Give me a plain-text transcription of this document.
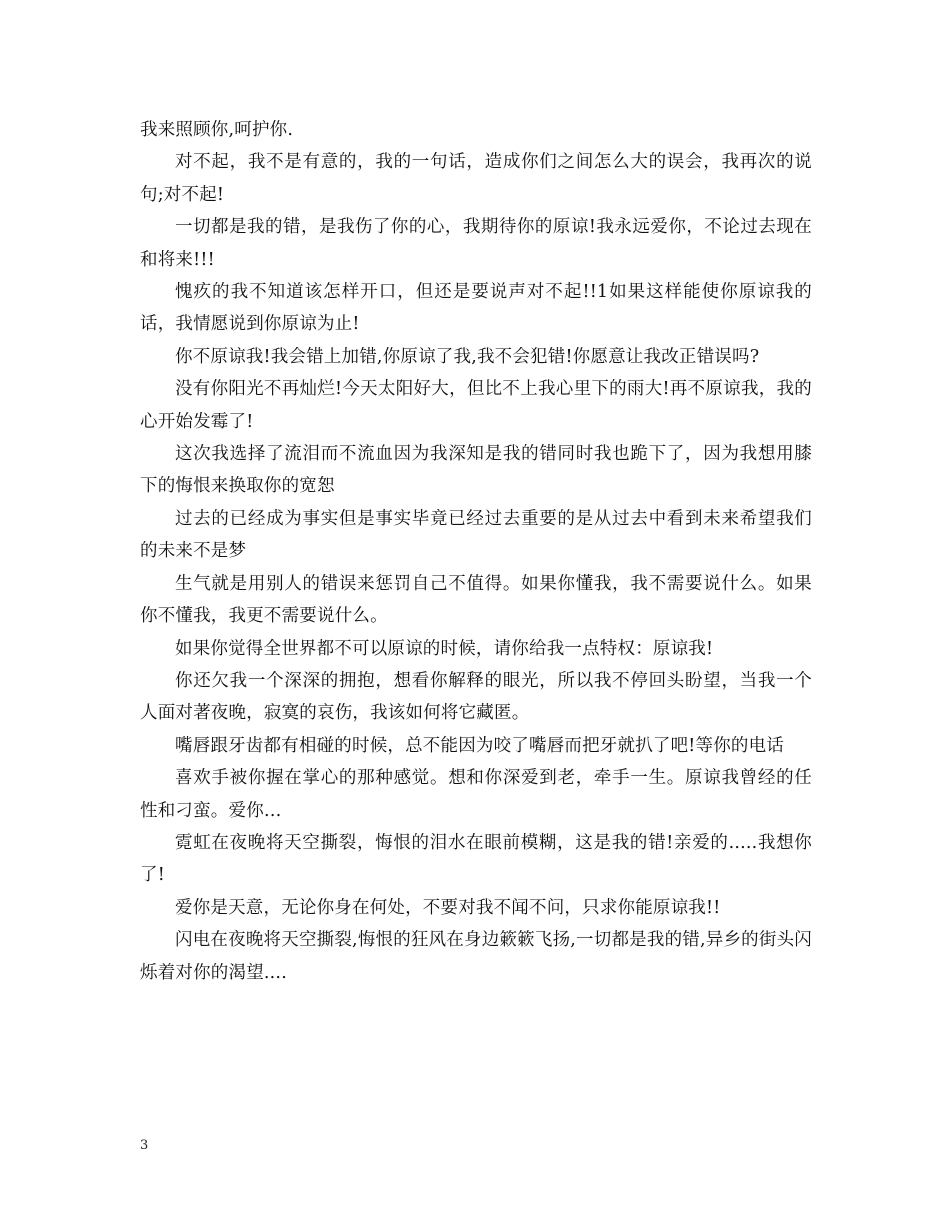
我来照顾你,呵护你.

对不起，我不是有意的，我的一句话，造成你们之间怎么大的误会，我再次的说句;对不起!

一切都是我的错，是我伤了你的心，我期待你的原谅!我永远爱你，不论过去现在和将来!!!

愧疚的我不知道该怎样开口，但还是要说声对不起!!1如果这样能使你原谅我的话，我情愿说到你原谅为止!

你不原谅我!我会错上加错,你原谅了我,我不会犯错!你愿意让我改正错误吗?

没有你阳光不再灿烂!今天太阳好大，但比不上我心里下的雨大!再不原谅我，我的心开始发霉了!

这次我选择了流泪而不流血因为我深知是我的错同时我也跪下了，因为我想用膝下的悔恨来换取你的宽恕

过去的已经成为事实但是事实毕竟已经过去重要的是从过去中看到未来希望我们的未来不是梦

生气就是用别人的错误来惩罚自己不值得。如果你懂我，我不需要说什么。如果你不懂我，我更不需要说什么。

如果你觉得全世界都不可以原谅的时候，请你给我一点特权：原谅我!

你还欠我一个深深的拥抱，想看你解释的眼光，所以我不停回头盼望，当我一个人面对著夜晚，寂寞的哀伤，我该如何将它藏匿。

嘴唇跟牙齿都有相碰的时候，总不能因为咬了嘴唇而把牙就扒了吧!等你的电话

喜欢手被你握在掌心的那种感觉。想和你深爱到老，牵手一生。原谅我曾经的任性和刁蛮。爱你…

霓虹在夜晚将天空撕裂，悔恨的泪水在眼前模糊，这是我的错!亲爱的.....我想你了!

爱你是天意，无论你身在何处，不要对我不闻不问，只求你能原谅我!!

闪电在夜晚将天空撕裂,悔恨的狂风在身边簌簌飞扬,一切都是我的错,异乡的街头闪烁着对你的渴望....

3
